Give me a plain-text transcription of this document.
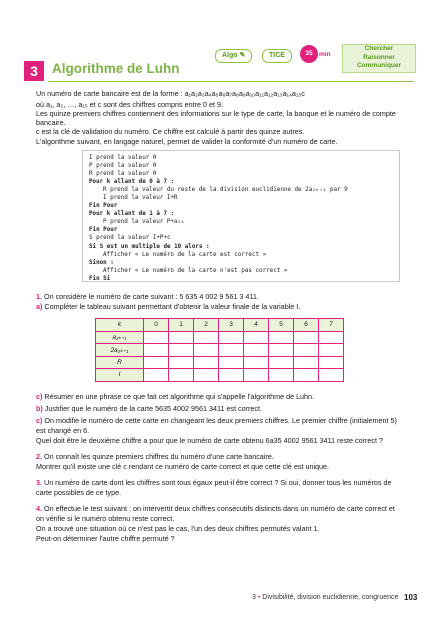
Algo ✎	TICE	35 min
Chercher
Raisonner
Communiquer
3	Algorithme de Luhn
Un numéro de carte bancaire est de la forme : a₁a₂a₃a₄a₅a₆a₇a₈a₉a₁₀a₁₁a₁₂a₁₃a₁₄a₁₅c
où a₁, a₂, …, a₁₅ et c sont des chiffres compris entre 0 et 9.
Les quinze premiers chiffres contiennent des informations sur le type de carte, la banque et le numéro de compte
bancaire.
c est la clé de validation du numéro. Ce chiffre est calculé à partir des quinze autres.
L'algorithme suivant, en langage naturel, permet de valider la conformité d'un numéro de carte.
I prend la valeur 0
P prend la valeur 0
R prend la valeur 0
Pour k allant de 0 à 7 :
R prend la valeur du reste de la division euclidienne de 2a₂ₖ₊₁ par 9
I prend la valeur I+R
Fin Pour
Pour k allant de 1 à 7 :
P prend la valeur P+a₂ₖ
Fin Pour
S prend la valeur I+P+c
Si S est un multiple de 10 alors :
Afficher « Le numéro de la carte est correct »
Sinon :
Afficher « Le numéro de la carte n'est pas correct »
Fin Si
1. On considère le numéro de carte suivant : 5 635 4 002 9 561 3 411.
a) Compléter le tableau suivant permettant d'obtenir la valeur finale de la variable I.
k	0	1	2	3	4	5	6	7
a₂ₖ₊₁								
2a₂ₖ₊₁								
R								
I								
c) Résumer en une phrase ce que fait cet algorithme qui s'appelle l'algorithme de Luhn.
b) Justifier que le numéro de la carte 5635 4002 9561 3411 est correct.
c) On modifie le numéro de cette carte en changeant les deux premiers chiffres. Le premier chiffre (initialement 5)
est changé en 6.
Quel doit être le deuxième chiffre a pour que le numéro de carte obtenu 6a35 4002 9561 3411 reste correct ?
2. On connaît les quinze premiers chiffres du numéro d'une carte bancaire.
Montrer qu'il existe une clé c rendant ce numéro de carte correct et que cette clé est unique.
3. Un numéro de carte dont les chiffres sont tous égaux peut-il être correct ? Si oui, donner tous les numéros de
carte possibles de ce type.
4. On effectue le test suivant : on intervertit deux chiffres consécutifs distincts dans un numéro de carte correct et
on vérifie si le numéro obtenu reste correct.
On a trouvé une situation où ce n'est pas le cas, l'un des deux chiffres permutés valant 1.
Peut-on déterminer l'autre chiffre permuté ?
3 • Divisibilité, division euclidienne, congruence 103
